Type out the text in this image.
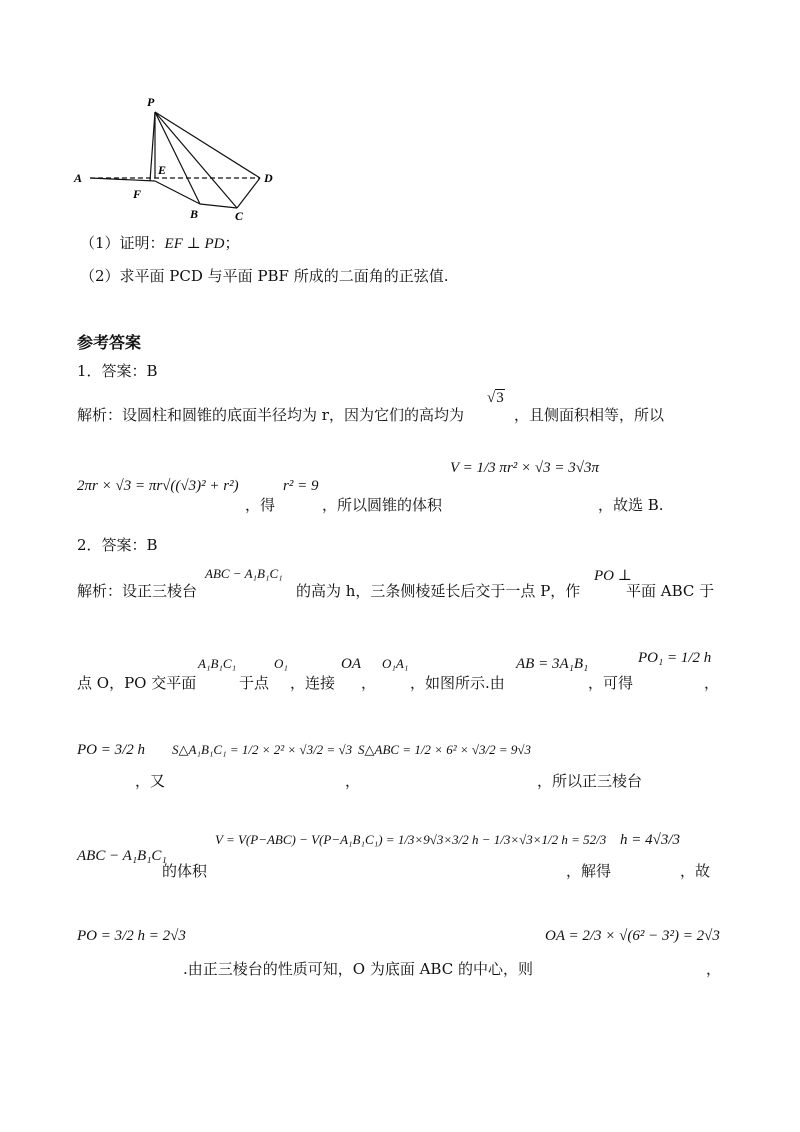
P
E
A	D
F
B	C
（1）证明：EF ⊥ PD；
（2）求平面 PCD 与平面 PBF 所成的二面角的正弦值.
参考答案
1．答案：B
解析：设圆柱和圆锥的底面半径均为 r，因为它们的高均为
√3
，且侧面积相等，所以
2πr × √3 = πr√((√3)² + r²)
，得
r² = 9
，所以圆锥的体积
V = 1/3 πr² × √3 = 3√3π
，故选 B.
2．答案：B
解析：设正三棱台
ABC − A₁B₁C₁
的高为 h，三条侧棱延长后交于一点 P，作
PO ⊥
平面 ABC 于
点 O，PO 交平面
A₁B₁C₁
于点
O₁
，连接
OA
，
O₁A₁
，如图所示.由
AB = 3A₁B₁
，可得
PO₁ = 1/2 h
，
PO = 3/2 h
，又
S△A₁B₁C₁ = 1/2 × 2² × √3/2 = √3
，
S△ABC = 1/2 × 6² × √3/2 = 9√3
，所以正三棱台
ABC − A₁B₁C₁
的体积
V = V(P−ABC) − V(P−A₁B₁C₁) = 1/3×9√3×3/2 h − 1/3×√3×1/2 h = 52/3
，解得
h = 4√3/3
，故
PO = 3/2 h = 2√3
.由正三棱台的性质可知，O 为底面 ABC 的中心，则
OA = 2/3 × √(6² − 3²) = 2√3
，
